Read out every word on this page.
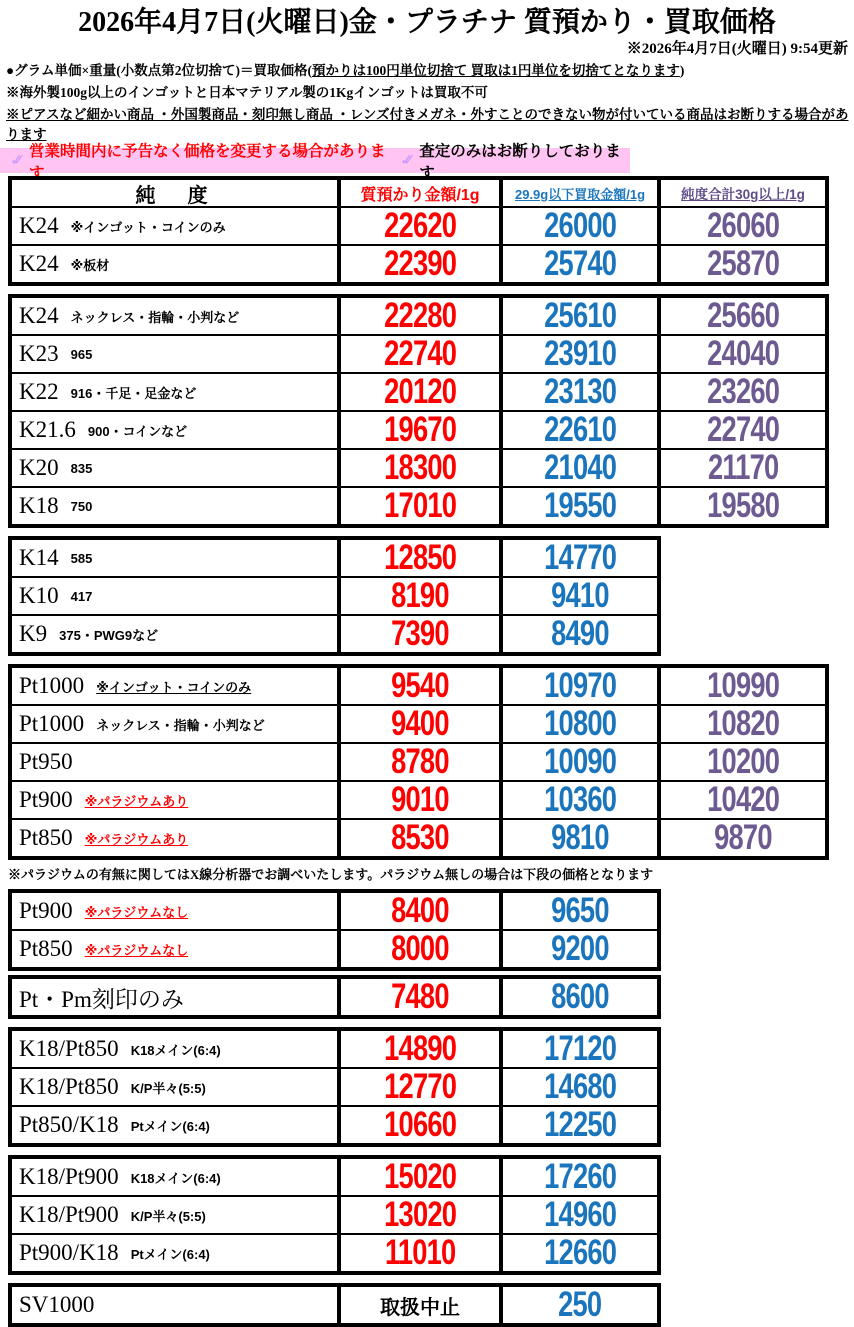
2026年4月7日(火曜日)金・プラチナ 質預かり・買取価格
※2026年4月7日(火曜日) 9:54更新
●グラム単価×重量(小数点第2位切捨て)＝買取価格(預かりは100円単位切捨て 買取は1円単位を切捨てとなります)
※海外製100g以上のインゴットと日本マテリアル製の1Kgインゴットは買取不可
※ピアスなど細かい商品 ・外国製商品・刻印無し商品 ・レンズ付きメガネ・外すことのできない物が付いている商品はお断りする場合があります
✓
営業時間内に予告なく価格を変更する場合があります
✓
査定のみはお断りしております
純　度	質預かり金額/1g	29.9g以下買取金額/1g	純度合計30g以上/1g
K24 ※インゴット・コインのみ	22620	26000	26060
K24 ※板材	22390	25740	25870

K24 ネックレス・指輪・小判など	22280	25610	25660
K23 965	22740	23910	24040
K22 916・千足・足金など	20120	23130	23260
K21.6 900・コインなど	19670	22610	22740
K20 835	18300	21040	21170
K18 750	17010	19550	19580

K14 585	12850	14770
K10 417	8190	9410
K9 375・PWG9など	7390	8490

Pt1000 ※インゴット・コインのみ	9540	10970	10990
Pt1000 ネックレス・指輪・小判など	9400	10800	10820
Pt950	8780	10090	10200
Pt900 ※パラジウムあり	9010	10360	10420
Pt850 ※パラジウムあり	8530	9810	9870
※パラジウムの有無に関してはX線分析器でお調べいたします。パラジウム無しの場合は下段の価格となります
Pt900 ※パラジウムなし	8400	9650
Pt850 ※パラジウムなし	8000	9200

Pt・Pm刻印のみ	7480	8600

K18/Pt850 K18メイン(6:4)	14890	17120
K18/Pt850 K/P半々(5:5)	12770	14680
Pt850/K18 Ptメイン(6:4)	10660	12250

K18/Pt900 K18メイン(6:4)	15020	17260
K18/Pt900 K/P半々(5:5)	13020	14960
Pt900/K18 Ptメイン(6:4)	11010	12660

SV1000	取扱中止	250
